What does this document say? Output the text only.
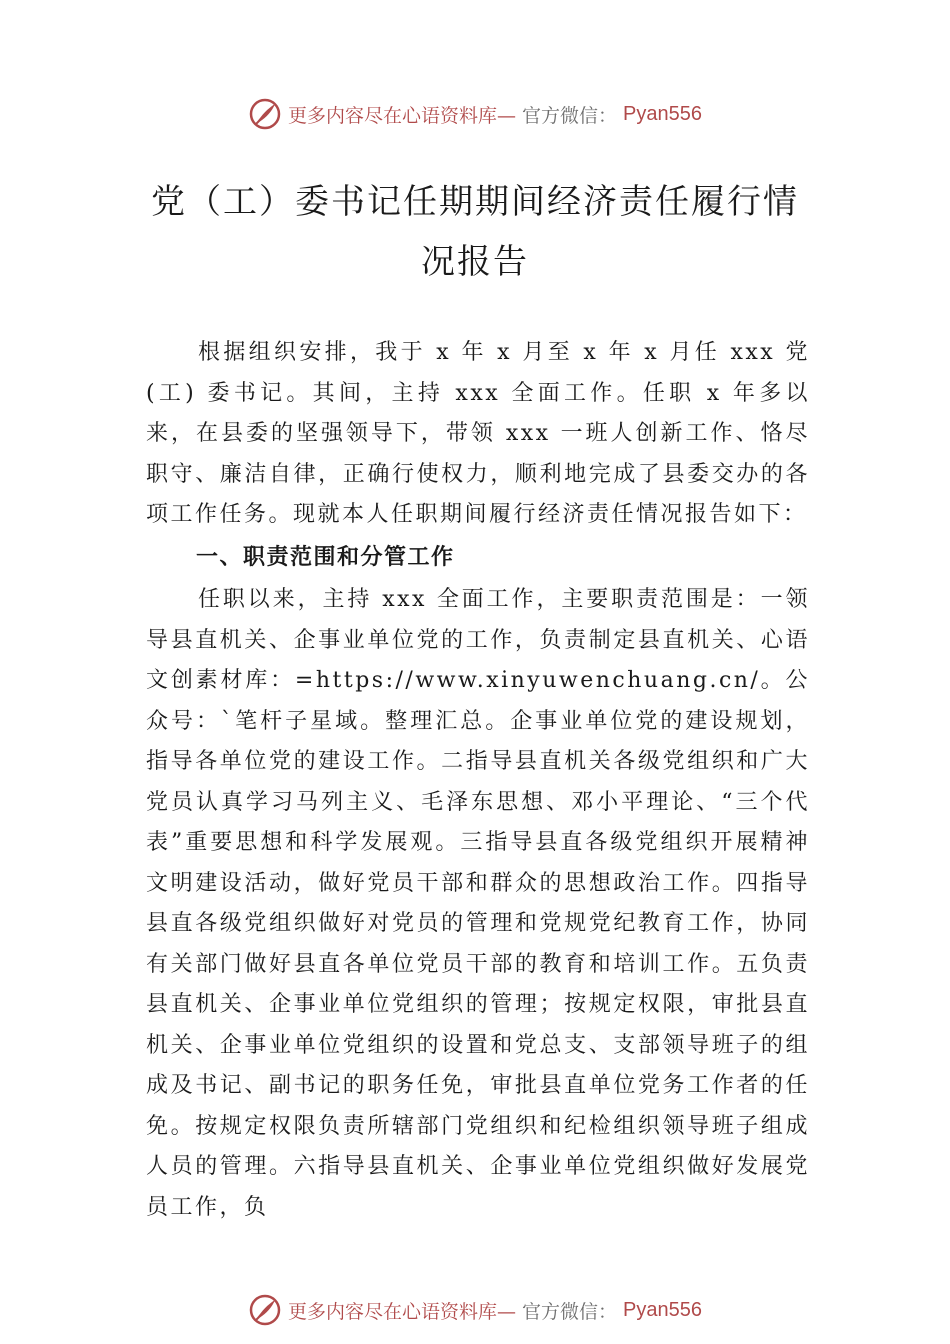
更多内容尽在心语资料库— 官方微信： Pyan556
党（工）委书记任期期间经济责任履行情况报告
根据组织安排，我于 x 年 x 月至 x 年 x 月任 xxx 党(工) 委书记。其间，主持 xxx 全面工作。任职 x 年多以来，在县委的坚强领导下，带领 xxx 一班人创新工作、恪尽职守、廉洁自律，正确行使权力，顺利地完成了县委交办的各项工作任务。现就本人任职期间履行经济责任情况报告如下：
一、职责范围和分管工作
任职以来，主持 xxx 全面工作，主要职责范围是：一领导县直机关、企事业单位党的工作，负责制定县直机关、心语文创素材库：=https://www.xinyuwenchuang.cn/。公众号：`笔杆子星域。整理汇总。企事业单位党的建设规划，指导各单位党的建设工作。二指导县直机关各级党组织和广大党员认真学习马列主义、毛泽东思想、邓小平理论、“三个代表”重要思想和科学发展观。三指导县直各级党组织开展精神文明建设活动，做好党员干部和群众的思想政治工作。四指导县直各级党组织做好对党员的管理和党规党纪教育工作，协同有关部门做好县直各单位党员干部的教育和培训工作。五负责县直机关、企事业单位党组织的管理；按规定权限，审批县直机关、企事业单位党组织的设置和党总支、支部领导班子的组成及书记、副书记的职务任免，审批县直单位党务工作者的任免。按规定权限负责所辖部门党组织和纪检组织领导班子组成人员的管理。六指导县直机关、企事业单位党组织做好发展党员工作，负
更多内容尽在心语资料库— 官方微信： Pyan556
